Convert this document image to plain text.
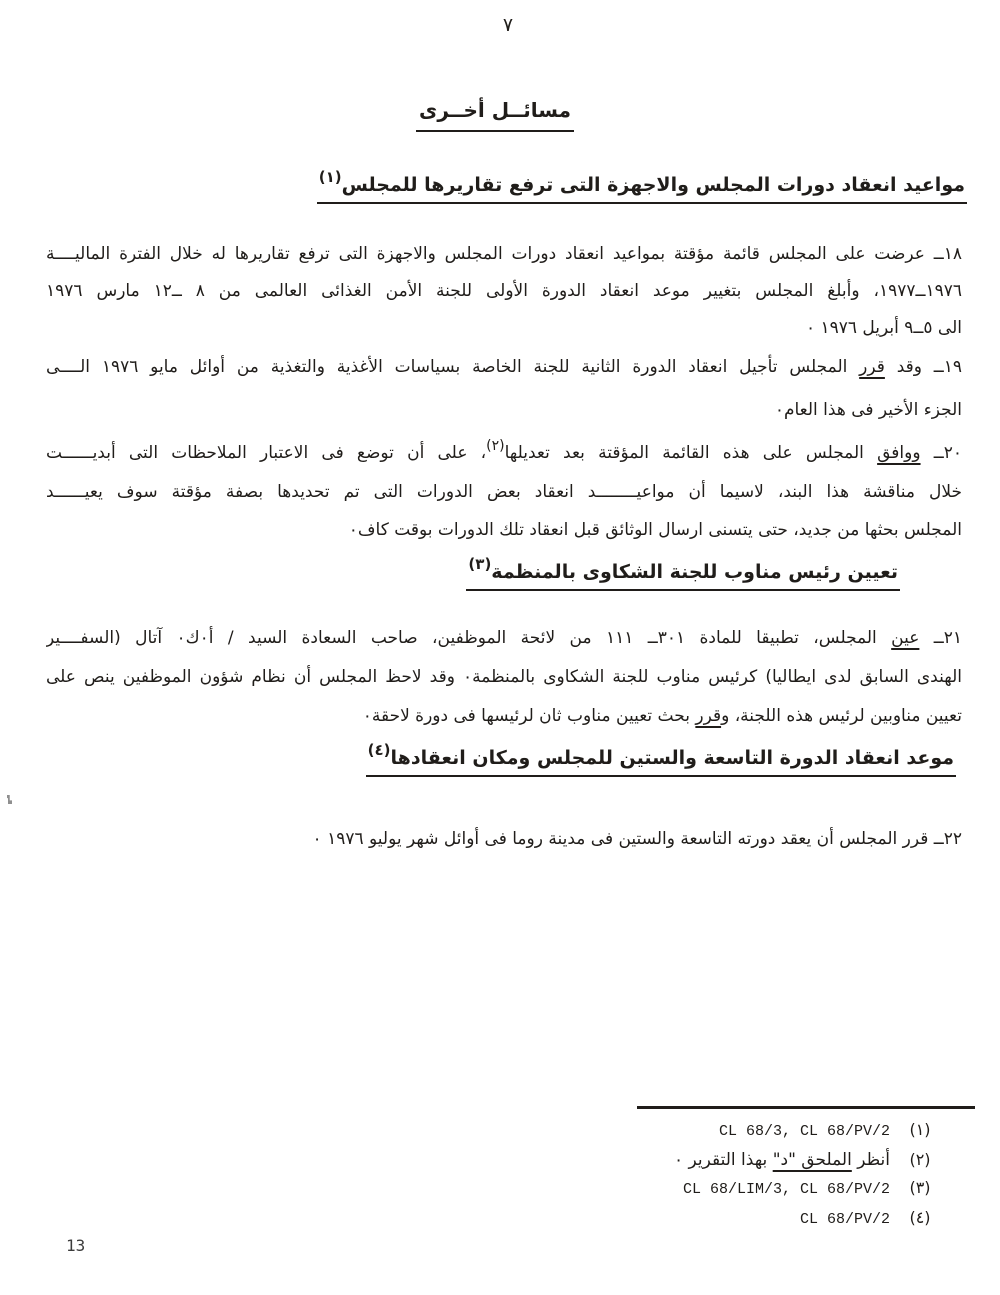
٧
مسائــل أخــرى
مواعيد انعقاد دورات المجلس والاجهزة التى ترفع تقاريرها للمجلس$^{(١)}$
١٨ــ عرضت على المجلس قائمة مؤقتة بمواعيد انعقاد دورات المجلس والاجهزة التى ترفع تقاريرها له خلال الفترة الماليــــة
١٩٧٦ــ١٩٧٧، وأبلغ المجلس بتغيير موعد انعقاد الدورة الأولى للجنة الأمن الغذائى العالمى من ٨ ــ١٢ مارس ١٩٧٦
الى ٥ــ٩ أبريل ١٩٧٦ ٠
١٩ــ وقد قرر المجلس تأجيل انعقاد الدورة الثانية للجنة الخاصة بسياسات الأغذية والتغذية من أوائل مايو ١٩٧٦ الــــى
الجزء الأخير فى هذا العام٠
٢٠ــ ووافق المجلس على هذه القائمة المؤقتة بعد تعديلها$^{(٢)}$، على أن توضع فى الاعتبار الملاحظات التى أبديــــــت
خلال مناقشة هذا البند، لاسيما أن مواعيــــــــد انعقاد بعض الدورات التى تم تحديدها بصفة مؤقتة سوف يعيــــــد
المجلس بحثها من جديد، حتى يتسنى ارسال الوثائق قبل انعقاد تلك الدورات بوقت كاف٠
تعيين رئيس مناوب للجنة الشكاوى بالمنظمة$^{(٣)}$
٢١ــ عين المجلس، تطبيقا للمادة ٣٠١ــ ١١١ من لائحة الموظفين، صاحب السعادة السيد / أ٠ك٠ آتال (السفــــير
الهندى السابق لدى ايطاليا) كرئيس مناوب للجنة الشكاوى بالمنظمة٠ وقد لاحظ المجلس أن نظام شؤون الموظفين ينص على
تعيين مناوبين لرئيس هذه اللجنة، وقرر بحث تعيين مناوب ثان لرئيسها فى دورة لاحقة٠
موعد انعقاد الدورة التاسعة والستين للمجلس ومكان انعقادها$^{(٤)}$
٢٢ــ قرر المجلس أن يعقد دورته التاسعة والستين فى مدينة روما فى أوائل شهر يوليو ١٩٧٦ ٠
(١)CL 68/3, CL 68/PV/2
(٢)أنظر الملحق "د" بهذا التقرير ٠
(٣)CL 68/LIM/3, CL 68/PV/2
(٤)CL 68/PV/2
13
